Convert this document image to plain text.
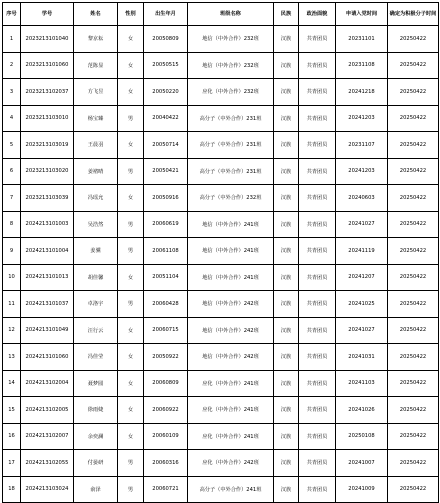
序号	学号	姓名	性别	出生年月	班级名称	民族	政治面貌	申请入党时间	确定为积极分子时间
1	2023213101040	黎京耘	女	20050809	地信（中外合作）232班	汉族	共青团员	20231101	20250422
2	2023213101060	范陈显	女	20050515	地信（中外合作）232班	汉族	共青团员	20231108	20250422
3	2023213102037	方飞昱	女	20050220	应化（中外合作）232班	汉族	共青团员	20241218	20250422
4	2023213103010	杨宝臻	男	20040422	高分子（中外合作）231班	汉族	共青团员	20241203	20250422
5	2023213103019	王晨羽	女	20050714	高分子（中外合作）231班	汉族	共青团员	20231107	20250422
6	2023213103020	姜褚晴	男	20050421	高分子（中外合作）231班	汉族	共青团员	20241203	20250422
7	2023213103039	冯瑶允	女	20050916	高分子（中外合作）232班	汉族	共青团员	20240603	20250422
8	2024213101003	吴浩然	男	20060619	地信（中外合作）241班	汉族	共青团员	20241027	20250422
9	2024213101004	姜骥	男	20061108	地信（中外合作）241班	汉族	共青团员	20241119	20250422
10	2024213101013	胡佳馨	女	20051104	地信（中外合作）241班	汉族	共青团员	20241207	20250422
11	2024213101037	卓洛宇	男	20060428	地信（中外合作）242班	汉族	共青团员	20241025	20250422
12	2024213101049	汪行云	女	20060715	地信（中外合作）242班	汉族	共青团员	20241027	20250422
13	2024213101060	冯佳莹	女	20050922	地信（中外合作）242班	汉族	共青团员	20241031	20250422
14	2024213102004	聂梦圆	女	20060809	应化（中外合作）241班	汉族	共青团员	20241103	20250422
15	2024213102005	徐雨婕	女	20060922	应化（中外合作）241班	汉族	共青团员	20241026	20250422
16	2024213102007	余奕澜	女	20060109	应化（中外合作）241班	汉族	共青团员	20250108	20250422
17	2024213102055	付晏研	男	20060316	应化（中外合作）242班	汉族	共青团员	20241007	20250422
18	2024213103024	俞泽	男	20060721	高分子（中外合作）241班	汉族	共青团员	20241009	20250422
